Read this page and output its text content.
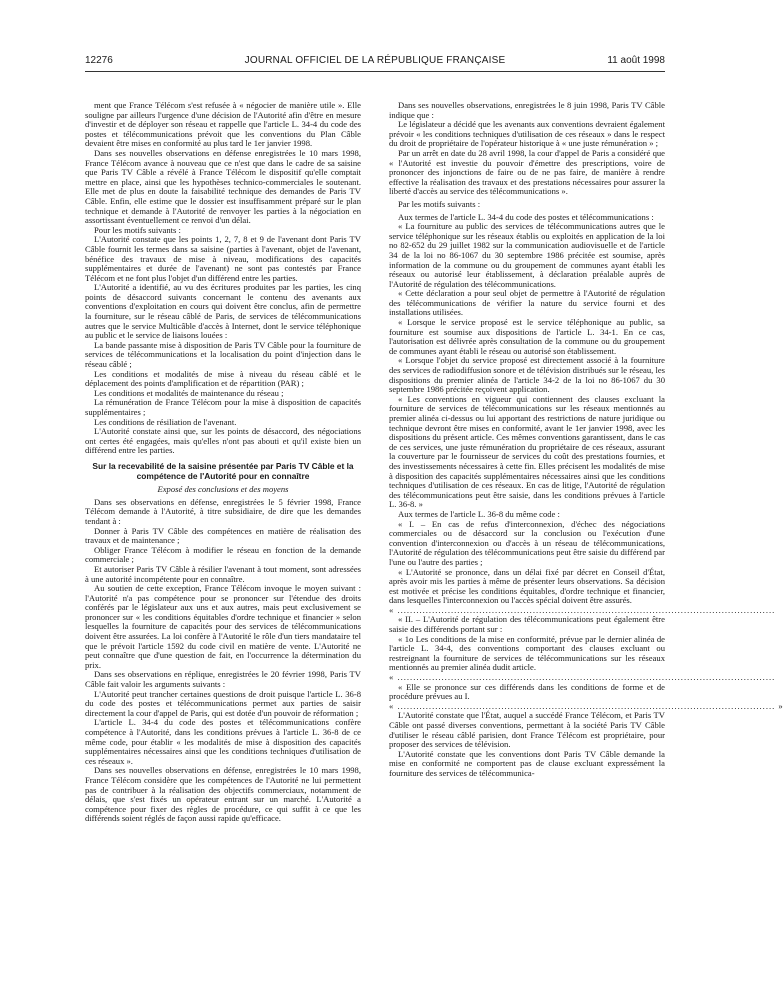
12276	JOURNAL OFFICIEL DE LA RÉPUBLIQUE FRANÇAISE	11 août 1998

ment que France Télécom s'est refusée à « négocier de manière utile ». Elle souligne par ailleurs l'urgence d'une décision de l'Autorité afin d'être en mesure d'investir et de déployer son réseau et rappelle que l'article L. 34-4 du code des postes et télécommunications prévoit que les conventions du Plan Câble devaient être mises en conformité au plus tard le 1er janvier 1998.

Dans ses nouvelles observations en défense enregistrées le 10 mars 1998, France Télécom avance à nouveau que ce n'est que dans le cadre de sa saisine que Paris TV Câble a révélé à France Télécom le dispositif qu'elle comptait mettre en place, ainsi que les hypothèses technico-commerciales le soutenant. Elle met de plus en doute la faisabilité technique des demandes de Paris TV Câble. Enfin, elle estime que le dossier est insuffisamment préparé sur le plan technique et demande à l'Autorité de renvoyer les parties à la négociation en assortissant éventuellement ce renvoi d'un délai.

Pour les motifs suivants :

L'Autorité constate que les points 1, 2, 7, 8 et 9 de l'avenant dont Paris TV Câble fournit les termes dans sa saisine (parties à l'avenant, objet de l'avenant, bénéfice des travaux de mise à niveau, modifications des capacités supplémentaires et durée de l'avenant) ne sont pas contestés par France Télécom et ne font plus l'objet d'un différend entre les parties.

L'Autorité a identifié, au vu des écritures produites par les parties, les cinq points de désaccord suivants concernant le contenu des avenants aux conventions d'exploitation en cours qui doivent être conclus, afin de permettre la fourniture, sur le réseau câblé de Paris, de services de télécommunications autres que le service Multicâble d'accès à Internet, dont le service téléphonique au public et le service de liaisons louées :

La bande passante mise à disposition de Paris TV Câble pour la fourniture de services de télécommunications et la localisation du point d'injection dans le réseau câblé ;

Les conditions et modalités de mise à niveau du réseau câblé et le déplacement des points d'amplification et de répartition (PAR) ;

Les conditions et modalités de maintenance du réseau ;

La rémunération de France Télécom pour la mise à disposition de capacités supplémentaires ;

Les conditions de résiliation de l'avenant.

L'Autorité constate ainsi que, sur les points de désaccord, des négociations ont certes été engagées, mais qu'elles n'ont pas abouti et qu'il existe bien un différend entre les parties.

Sur la recevabilité de la saisine présentée par Paris TV Câble et la compétence de l'Autorité pour en connaître

Exposé des conclusions et des moyens

Dans ses observations en défense, enregistrées le 5 février 1998, France Télécom demande à l'Autorité, à titre subsidiaire, de dire que les demandes tendant à :

Donner à Paris TV Câble des compétences en matière de réalisation des travaux et de maintenance ;

Obliger France Télécom à modifier le réseau en fonction de la demande commerciale ;

Et autoriser Paris TV Câble à résilier l'avenant à tout moment, sont adressées à une autorité incompétente pour en connaître.

Au soutien de cette exception, France Télécom invoque le moyen suivant : l'Autorité n'a pas compétence pour se prononcer sur l'étendue des droits conférés par le législateur aux uns et aux autres, mais peut exclusivement se prononcer sur « les conditions équitables d'ordre technique et financier » selon lesquelles la fourniture de capacités pour des services de télécommunications doivent être assurées. La loi confère à l'Autorité le rôle d'un tiers mandataire tel que le prévoit l'article 1592 du code civil en matière de vente. L'Autorité ne peut connaître que d'une question de fait, en l'occurrence la détermination du prix.

Dans ses observations en réplique, enregistrées le 20 février 1998, Paris TV Câble fait valoir les arguments suivants :

L'Autorité peut trancher certaines questions de droit puisque l'article L. 36-8 du code des postes et télécommunications permet aux parties de saisir directement la cour d'appel de Paris, qui est dotée d'un pouvoir de réformation ;

L'article L. 34-4 du code des postes et télécommunications confère compétence à l'Autorité, dans les conditions prévues à l'article L. 36-8 de ce même code, pour établir « les modalités de mise à disposition des capacités supplémentaires nécessaires ainsi que les conditions techniques d'utilisation de ces réseaux ».

Dans ses nouvelles observations en défense, enregistrées le 10 mars 1998, France Télécom considère que les compétences de l'Autorité ne lui permettent pas de contribuer à la réalisation des objectifs commerciaux, notamment de délais, que s'est fixés un opérateur entrant sur un marché. L'Autorité a compétence pour fixer des règles de procédure, ce qui suffit à ce que les différends soient réglés de façon aussi rapide qu'efficace.

Dans ses nouvelles observations, enregistrées le 8 juin 1998, Paris TV Câble indique que :

Le législateur a décidé que les avenants aux conventions devraient également prévoir « les conditions techniques d'utilisation de ces réseaux » dans le respect du droit de propriétaire de l'opérateur historique à « une juste rémunération » ;

Par un arrêt en date du 28 avril 1998, la cour d'appel de Paris a considéré que « l'Autorité est investie du pouvoir d'émettre des prescriptions, voire de prononcer des injonctions de faire ou de ne pas faire, de manière à rendre effective la réalisation des travaux et des prestations nécessaires pour assurer la liberté d'accès au service des télécommunications ».

Par les motifs suivants :

Aux termes de l'article L. 34-4 du code des postes et télécommunications :

« La fourniture au public des services de télécommunications autres que le service téléphonique sur les réseaux établis ou exploités en application de la loi no 82-652 du 29 juillet 1982 sur la communication audiovisuelle et de l'article 34 de la loi no 86-1067 du 30 septembre 1986 précitée est soumise, après information de la commune ou du groupement de communes ayant établi les réseaux ou autorisé leur établissement, à déclaration préalable auprès de l'Autorité de régulation des télécommunications.

« Cette déclaration a pour seul objet de permettre à l'Autorité de régulation des télécommunications de vérifier la nature du service fourni et des installations utilisées.

« Lorsque le service proposé est le service téléphonique au public, sa fourniture est soumise aux dispositions de l'article L. 34-1. En ce cas, l'autorisation est délivrée après consultation de la commune ou du groupement de communes ayant établi le réseau ou autorisé son établissement.

« Lorsque l'objet du service proposé est directement associé à la fourniture des services de radiodiffusion sonore et de télévision distribués sur le réseau, les dispositions du premier alinéa de l'article 34-2 de la loi no 86-1067 du 30 septembre 1986 précitée reçoivent application.

« Les conventions en vigueur qui contiennent des clauses excluant la fourniture de services de télécommunications sur les réseaux mentionnés au premier alinéa ci-dessus ou lui apportant des restrictions de nature juridique ou technique devront être mises en conformité, avant le 1er janvier 1998, avec les dispositions du présent article. Ces mêmes conventions garantissent, dans le cas de ces services, une juste rémunération du propriétaire de ces réseaux, assurant la couverture par le fournisseur de services du coût des prestations fournies, et des investissements nécessaires à cette fin. Elles précisent les modalités de mise à disposition des capacités supplémentaires nécessaires ainsi que les conditions techniques d'utilisation de ces réseaux. En cas de litige, l'Autorité de régulation des télécommunications peut être saisie, dans les conditions prévues à l'article L. 36-8. »

Aux termes de l'article L. 36-8 du même code :

« I. – En cas de refus d'interconnexion, d'échec des négociations commerciales ou de désaccord sur la conclusion ou l'exécution d'une convention d'interconnexion ou d'accès à un réseau de télécommunications, l'Autorité de régulation des télécommunications peut être saisie du différend par l'une ou l'autre des parties ;

« L'Autorité se prononce, dans un délai fixé par décret en Conseil d'État, après avoir mis les parties à même de présenter leurs observations. Sa décision est motivée et précise les conditions équitables, d'ordre technique et financier, dans lesquelles l'interconnexion ou l'accès spécial doivent être assurés.

« ........................................................................................................................

« II. – L'Autorité de régulation des télécommunications peut également être saisie des différends portant sur :

« 1o Les conditions de la mise en conformité, prévue par le dernier alinéa de l'article L. 34-4, des conventions comportant des clauses excluant ou restreignant la fourniture de services de télécommunications sur les réseaux mentionnés au premier alinéa dudit article.

« ........................................................................................................................

« Elle se prononce sur ces différends dans les conditions de forme et de procédure prévues au I.

« ........................................................................................................................ »

L'Autorité constate que l'État, auquel a succédé France Télécom, et Paris TV Câble ont passé diverses conventions, permettant à la société Paris TV Câble d'utiliser le réseau câblé parisien, dont France Télécom est propriétaire, pour proposer des services de télévision.

L'Autorité constate que les conventions dont Paris TV Câble demande la mise en conformité ne comportent pas de clause excluant expressément la fourniture des services de télécommunica-
